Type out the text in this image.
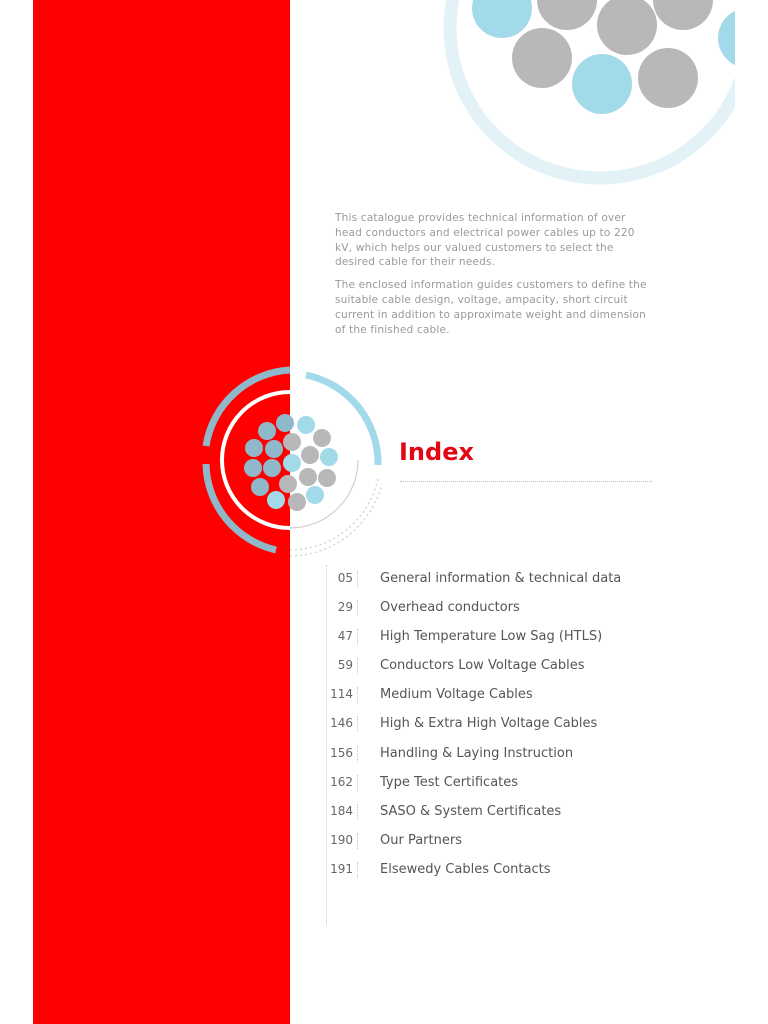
This catalogue provides technical information of over head conductors and electrical power cables up to 220 kV, which helps our valued customers to select the desired cable for their needs.

The enclosed information guides customers to define the suitable cable design, voltage, ampacity, short circuit current in addition to approximate weight and dimension of the finished cable.

Index
05 General information & technical data
29 Overhead conductors
47 High Temperature Low Sag (HTLS)
59 Conductors Low Voltage Cables
114 Medium Voltage Cables
146 High & Extra High Voltage Cables
156 Handling & Laying Instruction
162 Type Test Certificates
184 SASO & System Certificates
190 Our Partners
191 Elsewedy Cables Contacts
